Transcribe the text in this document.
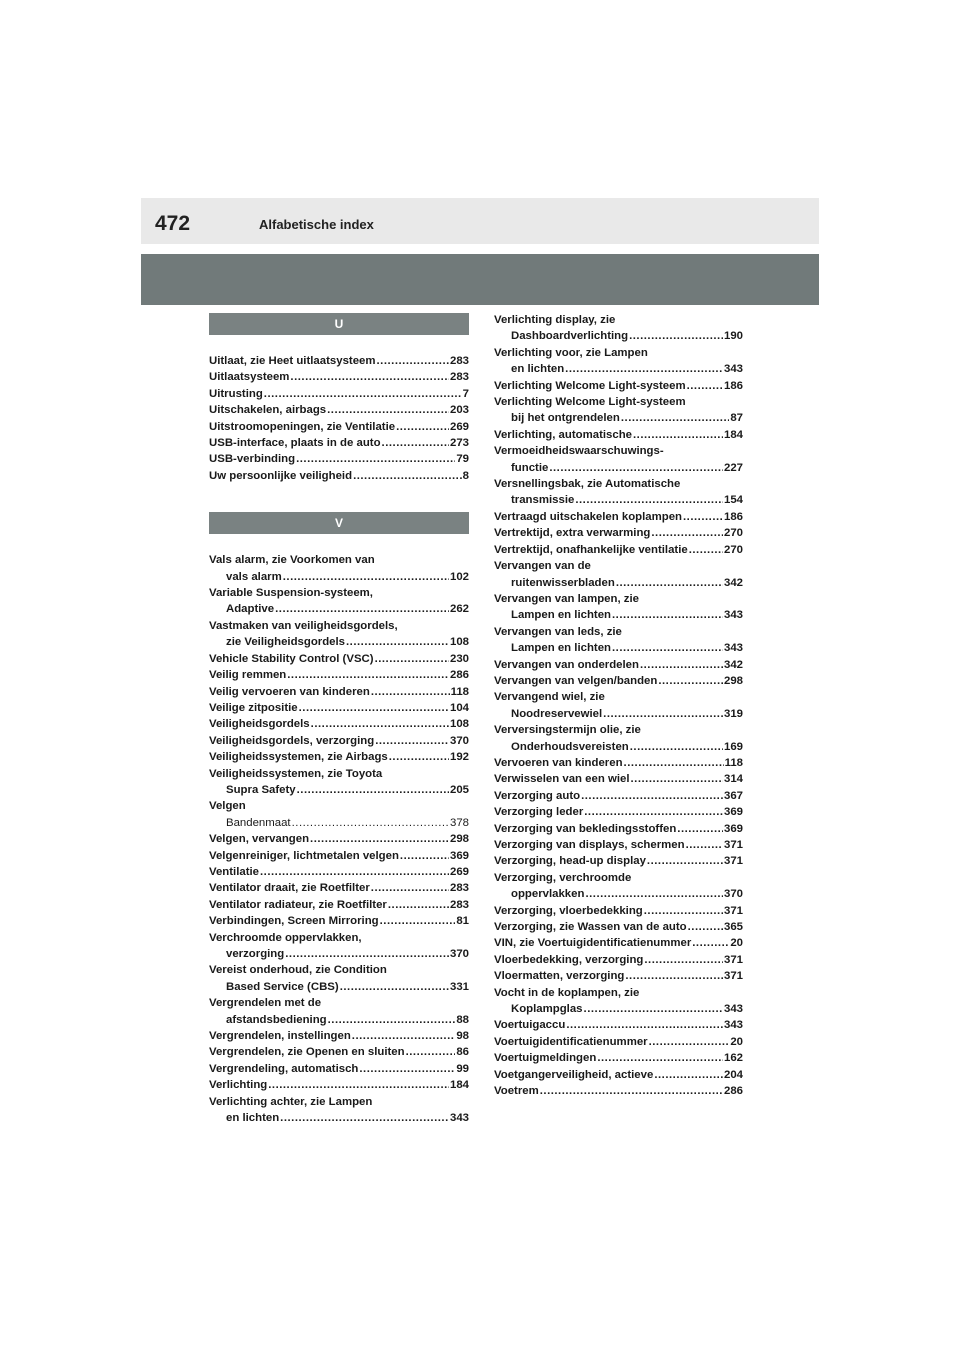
472	Alfabetische index
U
Uitlaat, zie Heet uitlaatsysteem .....	283
Uitlaatsysteem .....	283
Uitrusting .....	7
Uitschakelen, airbags .....	203
Uitstroomopeningen, zie Ventilatie .....	269
USB-interface, plaats in de auto .....	273
USB-verbinding .....	79
Uw persoonlijke veiligheid .....	8
V
Vals alarm, zie Voorkomen van
vals alarm .....	102
Variable Suspension-systeem,
Adaptive .....	262
Vastmaken van veiligheidsgordels,
zie Veiligheidsgordels .....	108
Vehicle Stability Control (VSC) .....	230
Veilig remmen .....	286
Veilig vervoeren van kinderen .....	118
Veilige zitpositie .....	104
Veiligheidsgordels .....	108
Veiligheidsgordels, verzorging .....	370
Veiligheidssystemen, zie Airbags .....	192
Veiligheidssystemen, zie Toyota
Supra Safety .....	205
Velgen
Bandenmaat .....	378
Velgen, vervangen .....	298
Velgenreiniger, lichtmetalen velgen .....	369
Ventilatie .....	269
Ventilator draait, zie Roetfilter .....	283
Ventilator radiateur, zie Roetfilter .....	283
Verbindingen, Screen Mirroring .....	81
Verchroomde oppervlakken,
verzorging .....	370
Vereist onderhoud, zie Condition
Based Service (CBS) .....	331
Vergrendelen met de
afstandsbediening .....	88
Vergrendelen, instellingen .....	98
Vergrendelen, zie Openen en sluiten .....	86
Vergrendeling, automatisch .....	99
Verlichting .....	184
Verlichting achter, zie Lampen
en lichten .....	343
Verlichting display, zie
Dashboardverlichting .....	190
Verlichting voor, zie Lampen
en lichten .....	343
Verlichting Welcome Light-systeem .....	186
Verlichting Welcome Light-systeem
bij het ontgrendelen .....	87
Verlichting, automatische .....	184
Vermoeidheidswaarschuwings-
functie .....	227
Versnellingsbak, zie Automatische
transmissie .....	154
Vertraagd uitschakelen koplampen .....	186
Vertrektijd, extra verwarming .....	270
Vertrektijd, onafhankelijke ventilatie .....	270
Vervangen van de
ruitenwisserbladen .....	342
Vervangen van lampen, zie
Lampen en lichten .....	343
Vervangen van leds, zie
Lampen en lichten .....	343
Vervangen van onderdelen .....	342
Vervangen van velgen/banden .....	298
Vervangend wiel, zie
Noodreservewiel .....	319
Verversingstermijn olie, zie
Onderhoudsvereisten .....	169
Vervoeren van kinderen .....	118
Verwisselen van een wiel .....	314
Verzorging auto .....	367
Verzorging leder .....	369
Verzorging van bekledingsstoffen .....	369
Verzorging van displays, schermen .....	371
Verzorging, head-up display .....	371
Verzorging, verchroomde
oppervlakken .....	370
Verzorging, vloerbedekking .....	371
Verzorging, zie Wassen van de auto .....	365
VIN, zie Voertuigidentificatienummer .....	20
Vloerbedekking, verzorging .....	371
Vloermatten, verzorging .....	371
Vocht in de koplampen, zie
Koplampglas .....	343
Voertuigaccu .....	343
Voertuigidentificatienummer .....	20
Voertuigmeldingen .....	162
Voetgangerveiligheid, actieve .....	204
Voetrem .....	286
